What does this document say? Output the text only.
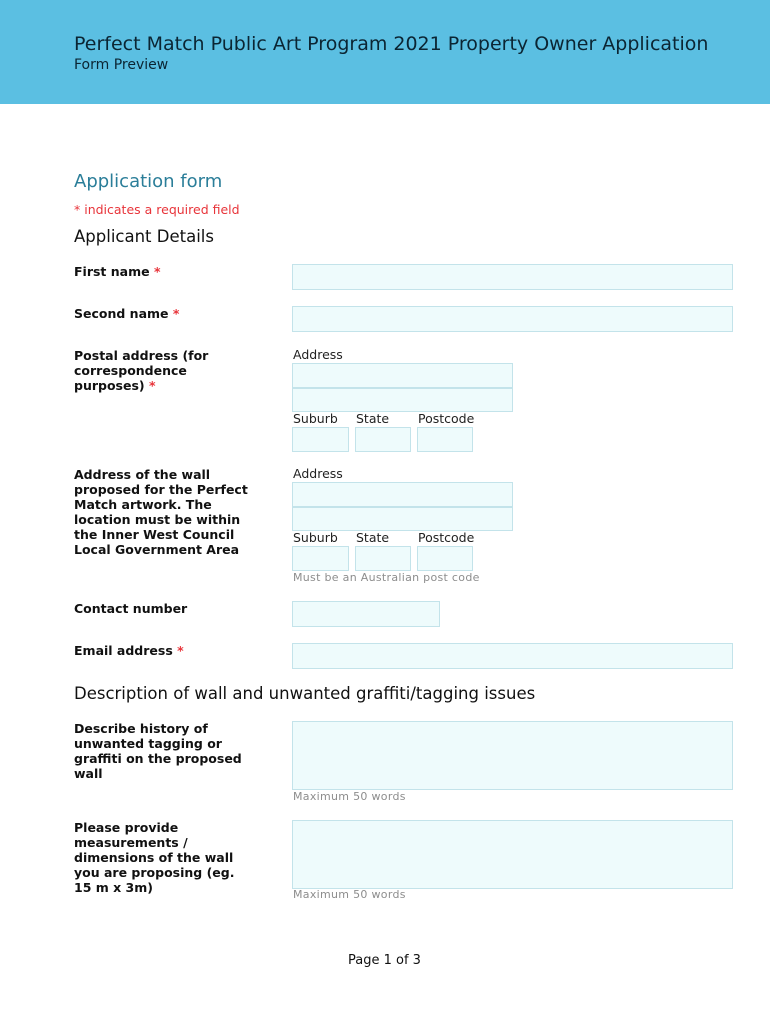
Perfect Match Public Art Program 2021 Property Owner Application
Form Preview
Application form
* indicates a required field
Applicant Details
First name *
Second name *
Postal address (for correspondence purposes) *
Address
Suburb State Postcode
Address of the wall proposed for the Perfect Match artwork. The location must be within the Inner West Council Local Government Area
Address
Suburb State Postcode
Must be an Australian post code
Contact number
Email address *
Description of wall and unwanted graffiti/tagging issues
Describe history of unwanted tagging or graffiti on the proposed wall
Maximum 50 words
Please provide measurements / dimensions of the wall you are proposing (eg. 15 m x 3m)	Maximum 50 words
Page 1 of 3
